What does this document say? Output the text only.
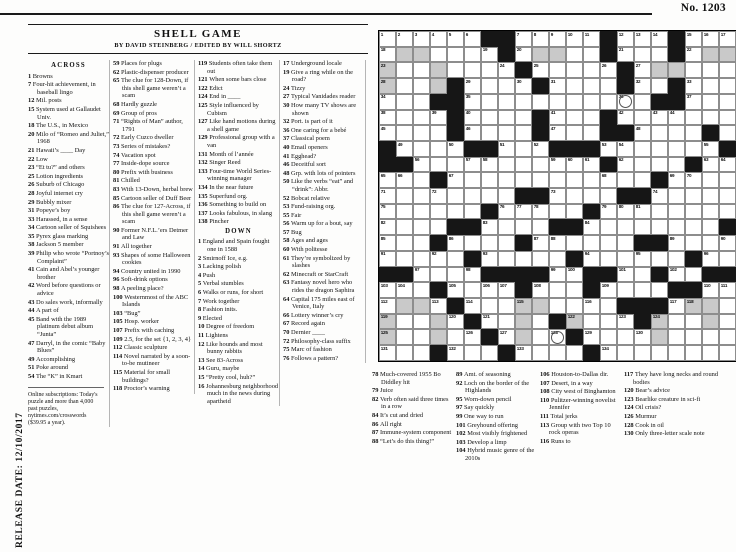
No. 1203
SHELL GAME
BY DAVID STEINBERG / EDITED BY WILL SHORTZ
RELEASE DATE: 12/10/2017
ACROSS
1 Browns
7 Four-hit achievement, in baseball lingo
12 Mil. posts
15 System used at Gallaudet Univ.
18 The U.S., in Mexico
20 Milo of “Romeo and Juliet,” 1968
21 Hawaii’s ____ Day
22 Low
23 “Et tu?” and others
25 Lotion ingredients
26 Suburb of Chicago
28 Joyful internet cry
29 Bubbly mixer
31 Popeye’s boy
33 Harassed, in a sense
34 Cartoon seller of Squishees
35 Pyrex glass marking
38 Jackson 5 member
39 Philip who wrote “Portnoy’s Complaint”
41 Cain and Abel’s younger brother
42 Word before questions or advice
43 Do sales work, informally
44 A part of
45 Band with the 1989 platinum debut album “Junta”
47 Darryl, in the comic “Baby Blues”
49 Accomplishing
51 Poke around
54 The “K” in Kmart
Online subscriptions: Today's puzzle and more than 4,000 past puzzles, nytimes.com/crosswords ($39.95 a year).
59 Places for plugs
62 Plastic-dispenser producer
65 The clue for 128-Down, if this shell game weren’t a scam
68 Hardly guzzle
69 Group of pros
71 “Rights of Man” author, 1791
72 Early Cuzco dweller
73 Series of mistakes?
74 Vacation spot
77 Inside-dope source
80 Prefix with business
81 Chilled
83 With 13-Down, herbal brew
85 Cartoon seller of Duff Beer
86 The clue for 127-Across, if this shell game weren’t a scam
90 Former N.F.L.’ers Detmer and Law
91 All together
93 Shapes of some Halloween cookies
94 Country united in 1990
96 Soft-drink options
98 A peeling place?
100 Westernmost of the ABC Islands
103 “Bug”
105 Hosp. worker
107 Prefix with caching
109 2.5, for the set {1, 2, 3, 4}
112 Classic sculpture
114 Novel narrated by a soon-to-be mutineer
115 Material for small buildings?
118 Proctor’s warning
119 Students often take them out
121 When some bars close
122 Edict
124 End in ____
125 Style influenced by Cubism
127 Like hand motions during a shell game
129 Professional group with a van
131 Month of l’année
132 Singer Reed
133 Four-time World Series-winning manager
134 In the near future
135 Superfund org.
136 Something to build on
137 Looks fabulous, in slang
138 Pincher
DOWN
1 England and Spain fought one in 1588
2 Smirnoff Ice, e.g.
3 Lacking polish
4 Push
5 Verbal stumbles
6 Walks or runs, for short
7 Work together
8 Fashion inits.
9 Elected
10 Degree of freedom
11 Lightens
12 Like hounds and most bunny rabbits
13 See 83-Across
14 Guru, maybe
15 “Pretty cool, huh?”
16 Johannesburg neighborhood much in the news during apartheid
17 Underground locale
19 Give a ring while on the road?
24 Tizzy
27 Typical Vanidades reader
30 How many TV shows are shown
32 Port. is part of it
36 One caring for a bebé
37 Classical poem
40 Email openers
41 Egghead?
46 Deceitful sort
48 Grp. with lots of pointers
50 Like the verbs “eat” and “drink”: Abbr.
52 Bobcat relative
53 Fund-raising org.
55 Fair
56 Warm up for a bout, say
57 Bug
58 Ages and ages
60 With politesse
61 They’re symbolized by slashes
62 Minecraft or StarCraft
63 Fantasy novel hero who rides the dragon Saphira
64 Capital 175 miles east of Venice, Italy
66 Lottery winner’s cry
67 Record again
70 Dernier ____
72 Philosophy-class suffix
75 Marc of fashion
76 Follows a pattern?
78 Much-covered 1955 Bo Diddley hit
79 Juice
82 Verb often said three times in a row
84 It’s cut and dried
86 All right
87 Immune-system component
88 “Let’s do this thing!”
89 Amt. of seasoning
92 Loch on the border of the Highlands
95 Worn-down pencil
97 Say quickly
99 One way to run
101 Greyhound offering
102 Most visibly frightened
103 Develop a limp
104 Hybrid music genre of the 2010s
106 Houston-to-Dallas dir.
107 Desert, in a way
108 City west of Binghamton
110 Pulitzer-winning novelist Jennifer
111 Total jerks
113 Group with two Top 10 rock operas
116 Runs to
117 They have long necks and round bodies
120 Bear’s advice
123 Bearlike creature in sci-fi
124 Oil crisis?
126 Murmur
128 Cook in oil
130 Only three-letter scale note
1	2	3	4	5	6	7	8	9	10	11	12	13	14	15	16	17
18	19	20	21	22
23	24	25	26	27
28	29	30	31	32	33
34	35	36	37
38	39	40	41	42	43	44
45	46	47	48
49	50	51	52	53	54	55
56	57	58	59	60	61	62	63	64
65	66	67	68	69	70
71	72	73	74
75	76	77	78	79	80	81
82	83	84
85	86	87	88	89	90
91	92	93	94	95	96
97	98	99	100	101	102
103 104	105	106 107	108	109	110 111
112	113	114	115	116	117 118
119	120	121	122	123	124
125	126	127	128	129	130
131	132	133	134
